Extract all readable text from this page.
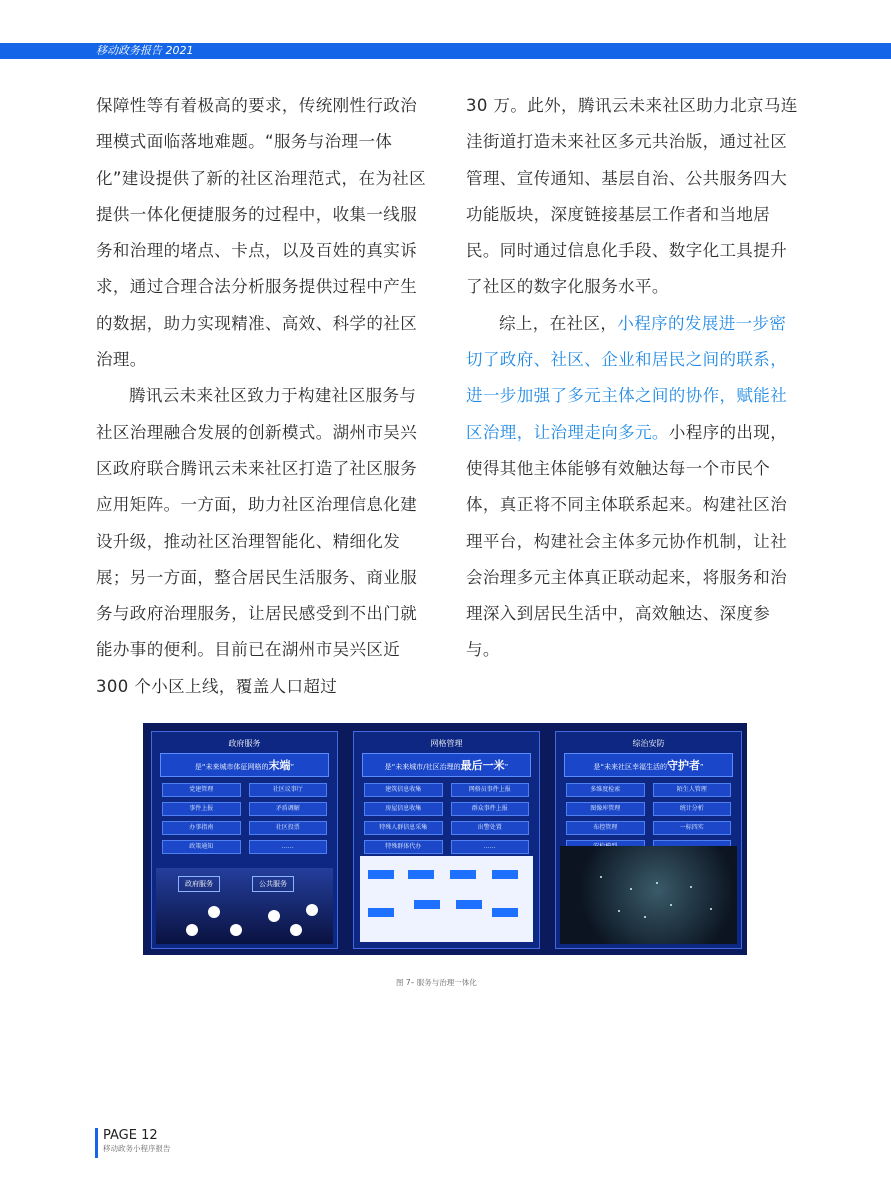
移动政务报告 2021

保障性等有着极高的要求，传统刚性行政治理模式面临落地难题。“服务与治理一体化”建设提供了新的社区治理范式，在为社区提供一体化便捷服务的过程中，收集一线服务和治理的堵点、卡点，以及百姓的真实诉求，通过合理合法分析服务提供过程中产生的数据，助力实现精准、高效、科学的社区治理。

腾讯云未来社区致力于构建社区服务与社区治理融合发展的创新模式。湖州市吴兴区政府联合腾讯云未来社区打造了社区服务应用矩阵。一方面，助力社区治理信息化建设升级，推动社区治理智能化、精细化发展；另一方面，整合居民生活服务、商业服务与政府治理服务，让居民感受到不出门就能办事的便利。目前已在湖州市吴兴区近 300 个小区上线，覆盖人口超过

30 万。此外，腾讯云未来社区助力北京马连洼街道打造未来社区多元共治版，通过社区管理、宣传通知、基层自治、公共服务四大功能版块，深度链接基层工作者和当地居民。同时通过信息化手段、数字化工具提升了社区的数字化服务水平。

综上，在社区，小程序的发展进一步密切了政府、社区、企业和居民之间的联系，进一步加强了多元主体之间的协作，赋能社区治理，让治理走向多元。小程序的出现，使得其他主体能够有效触达每一个市民个体，真正将不同主体联系起来。构建社区治理平台，构建社会主体多元协作机制，让社会治理多元主体真正联动起来，将服务和治理深入到居民生活中，高效触达、深度参与。

政府服务
是“未来城市体征网格的末端”
党建管理	社区议事厅
事件上报	矛盾调解
办事指南	社区投票
政策通知	……
政府服务	公共服务
网格管理
是“未来城市/社区治理的最后一米”
建筑信息收集	网格员事件上报
房屋信息收集	群众事件上报
特殊人群信息采集	出警处置
特殊群体代办	……
综治安防
是“未来社区幸福生活的守护者”
多维度检索	陌生人管理
图像库管理	统计分析
布控管理	一标四实
图 7– 服务与治理一体化
PAGE 12
移动政务小程序报告
